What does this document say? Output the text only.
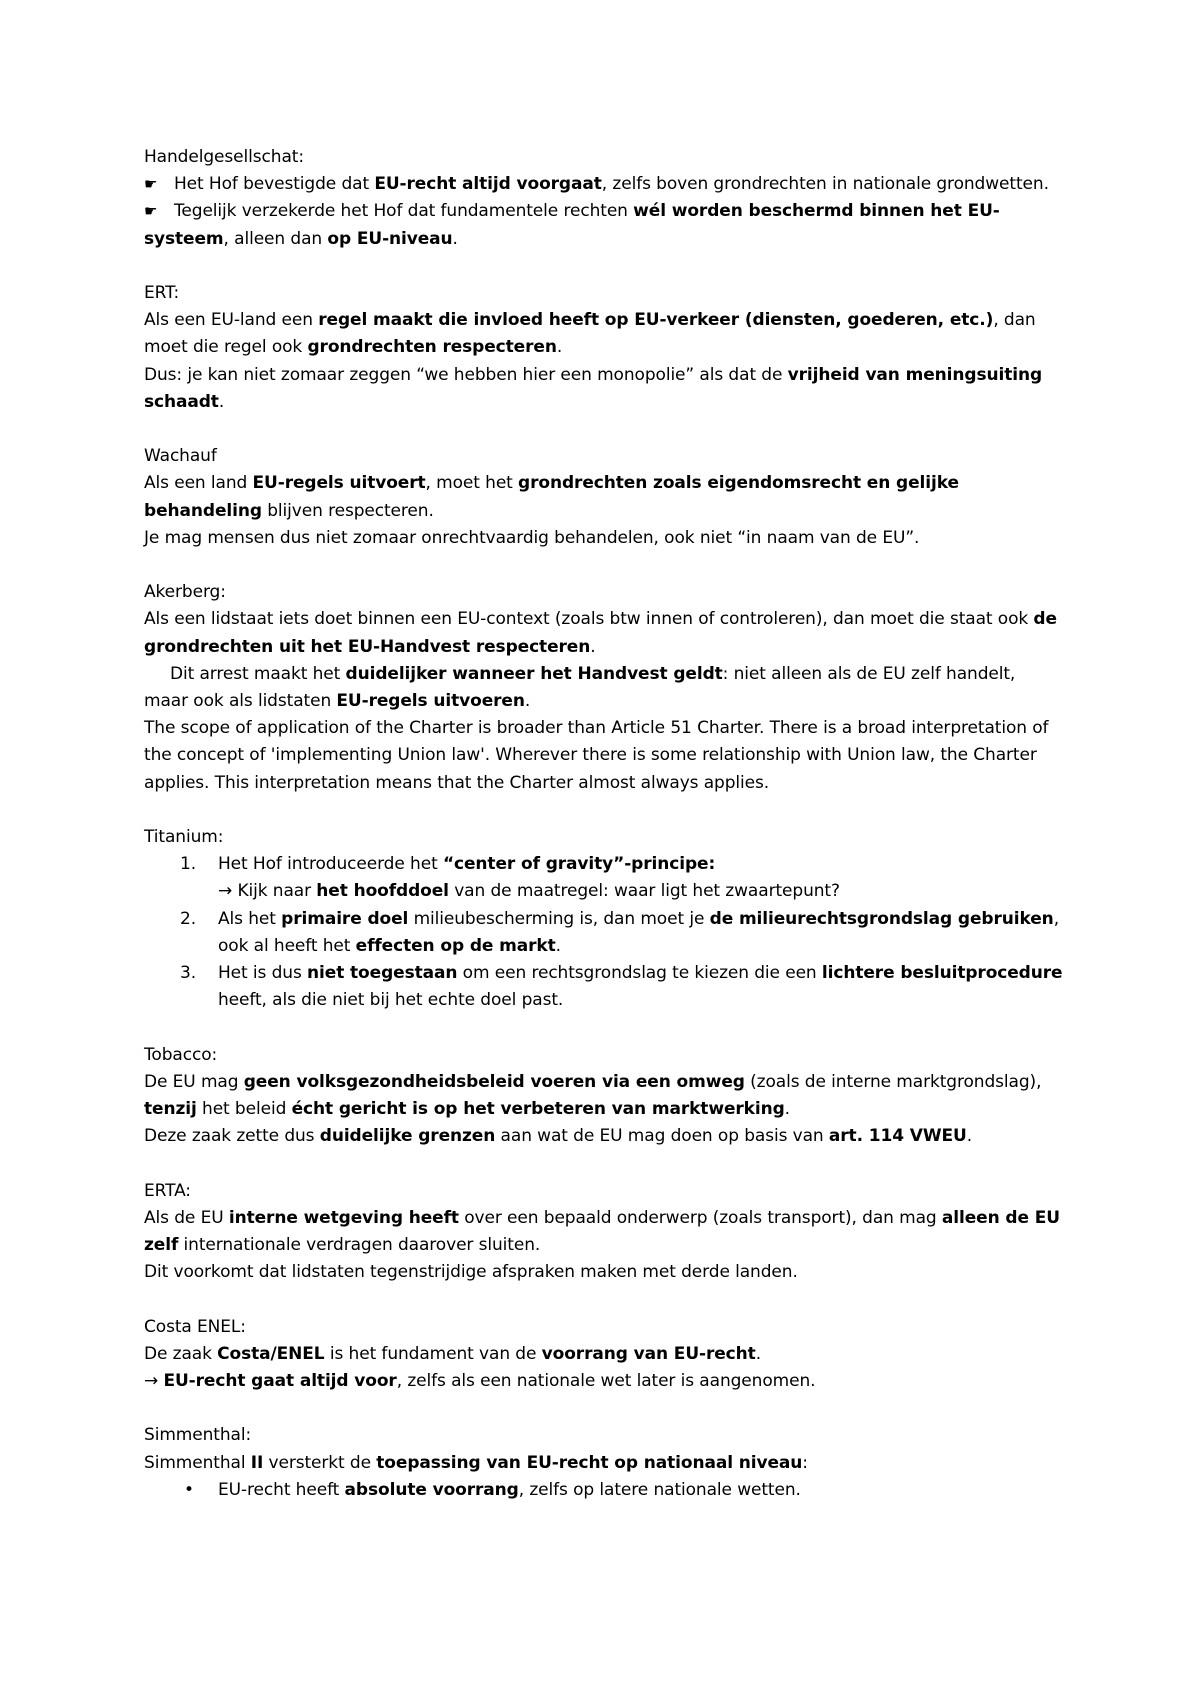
Handelgesellschat:

☛ Het Hof bevestigde dat EU-recht altijd voorgaat, zelfs boven grondrechten in nationale grondwetten.

☛ Tegelijk verzekerde het Hof dat fundamentele rechten wél worden beschermd binnen het EU-systeem, alleen dan op EU-niveau.

ERT:

Als een EU-land een regel maakt die invloed heeft op EU-verkeer (diensten, goederen, etc.), dan moet die regel ook grondrechten respecteren.

Dus: je kan niet zomaar zeggen “we hebben hier een monopolie” als dat de vrijheid van meningsuiting schaadt.

Wachauf

Als een land EU-regels uitvoert, moet het grondrechten zoals eigendomsrecht en gelijke behandeling blijven respecteren.

Je mag mensen dus niet zomaar onrechtvaardig behandelen, ook niet “in naam van de EU”.

Akerberg:

Als een lidstaat iets doet binnen een EU-context (zoals btw innen of controleren), dan moet die staat ook de grondrechten uit het EU-Handvest respecteren.

Dit arrest maakt het duidelijker wanneer het Handvest geldt: niet alleen als de EU zelf handelt, maar ook als lidstaten EU-regels uitvoeren.

The scope of application of the Charter is broader than Article 51 Charter. There is a broad interpretation of the concept of 'implementing Union law'. Wherever there is some relationship with Union law, the Charter applies. This interpretation means that the Charter almost always applies.

Titanium:

1. Het Hof introduceerde het “center of gravity”-principe:

→ Kijk naar het hoofddoel van de maatregel: waar ligt het zwaartepunt?

2. Als het primaire doel milieubescherming is, dan moet je de milieurechtsgrondslag gebruiken, ook al heeft het effecten op de markt.
3. Het is dus niet toegestaan om een rechtsgrondslag te kiezen die een lichtere besluitprocedure heeft, als die niet bij het echte doel past.

Tobacco:

De EU mag geen volksgezondheidsbeleid voeren via een omweg (zoals de interne marktgrondslag), tenzij het beleid écht gericht is op het verbeteren van marktwerking.

Deze zaak zette dus duidelijke grenzen aan wat de EU mag doen op basis van art. 114 VWEU.

ERTA:

Als de EU interne wetgeving heeft over een bepaald onderwerp (zoals transport), dan mag alleen de EU zelf internationale verdragen daarover sluiten.

Dit voorkomt dat lidstaten tegenstrijdige afspraken maken met derde landen.

Costa ENEL:

De zaak Costa/ENEL is het fundament van de voorrang van EU-recht.

→ EU-recht gaat altijd voor, zelfs als een nationale wet later is aangenomen.

Simmenthal:

Simmenthal II versterkt de toepassing van EU-recht op nationaal niveau:

• EU-recht heeft absolute voorrang, zelfs op latere nationale wetten.
